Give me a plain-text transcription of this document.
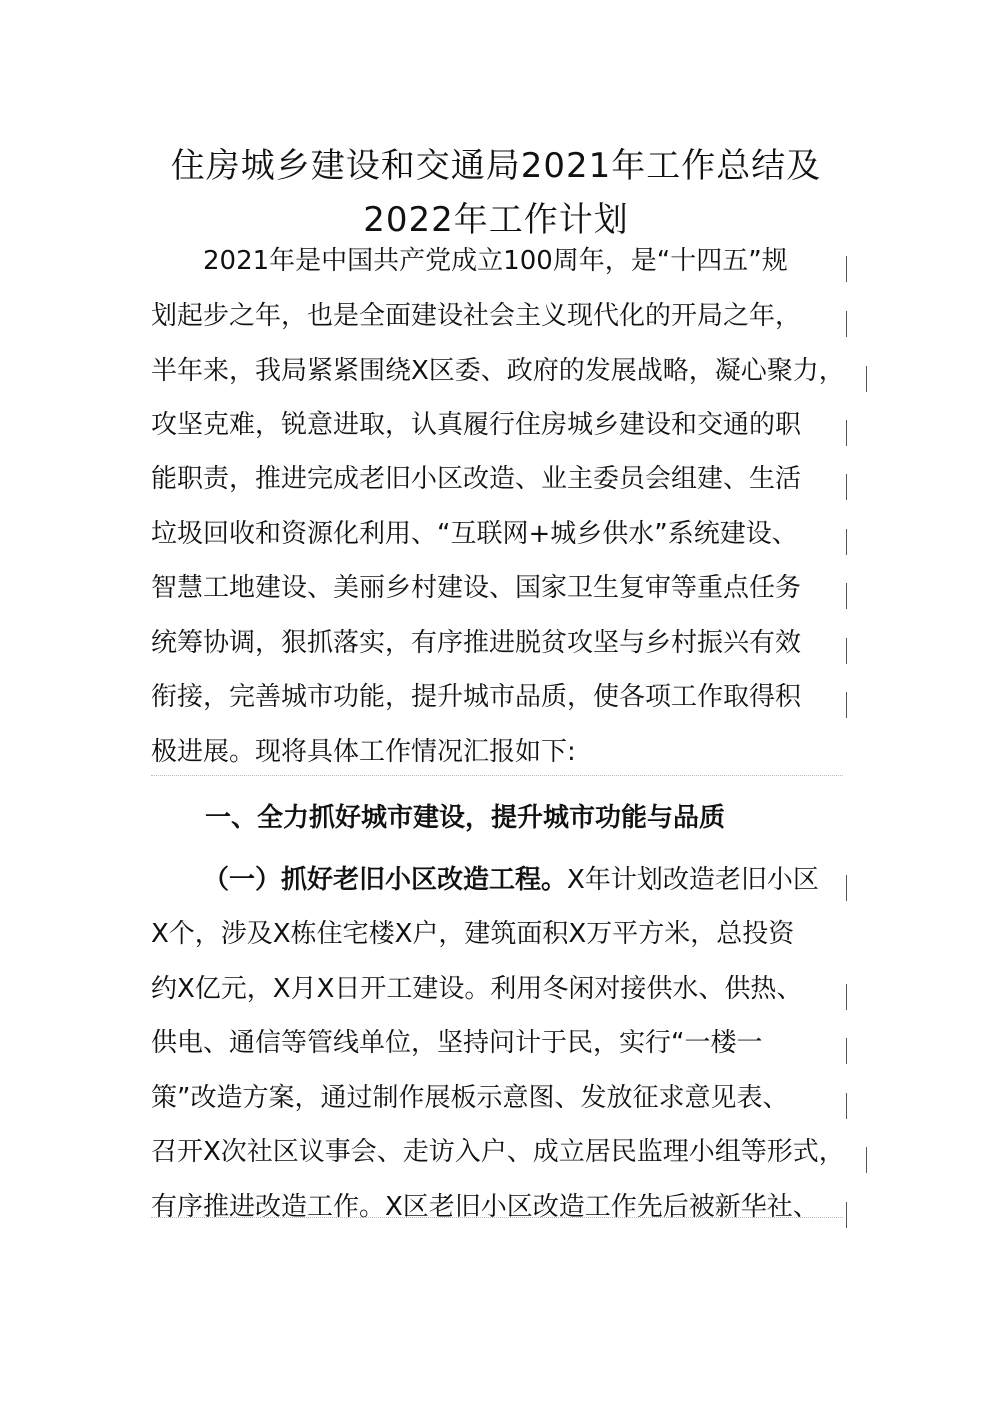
住房城乡建设和交通局2021年工作总结及
2022年工作计划
2021年是中国共产党成立100周年，是“十四五”规
划起步之年，也是全面建设社会主义现代化的开局之年，
半年来，我局紧紧围绕X区委、政府的发展战略，凝心聚力，
攻坚克难，锐意进取，认真履行住房城乡建设和交通的职
能职责，推进完成老旧小区改造、业主委员会组建、生活
垃圾回收和资源化利用、“互联网+城乡供水”系统建设、
智慧工地建设、美丽乡村建设、国家卫生复审等重点任务
统筹协调，狠抓落实，有序推进脱贫攻坚与乡村振兴有效
衔接，完善城市功能，提升城市品质，使各项工作取得积
极进展。现将具体工作情况汇报如下:
一、全力抓好城市建设，提升城市功能与品质
（一）抓好老旧小区改造工程。X年计划改造老旧小区
X个，涉及X栋住宅楼X户，建筑面积X万平方米，总投资
约X亿元，X月X日开工建设。利用冬闲对接供水、供热、
供电、通信等管线单位，坚持问计于民，实行“一楼一
策”改造方案，通过制作展板示意图、发放征求意见表、
召开X次社区议事会、走访入户、成立居民监理小组等形式，
有序推进改造工作。X区老旧小区改造工作先后被新华社、
